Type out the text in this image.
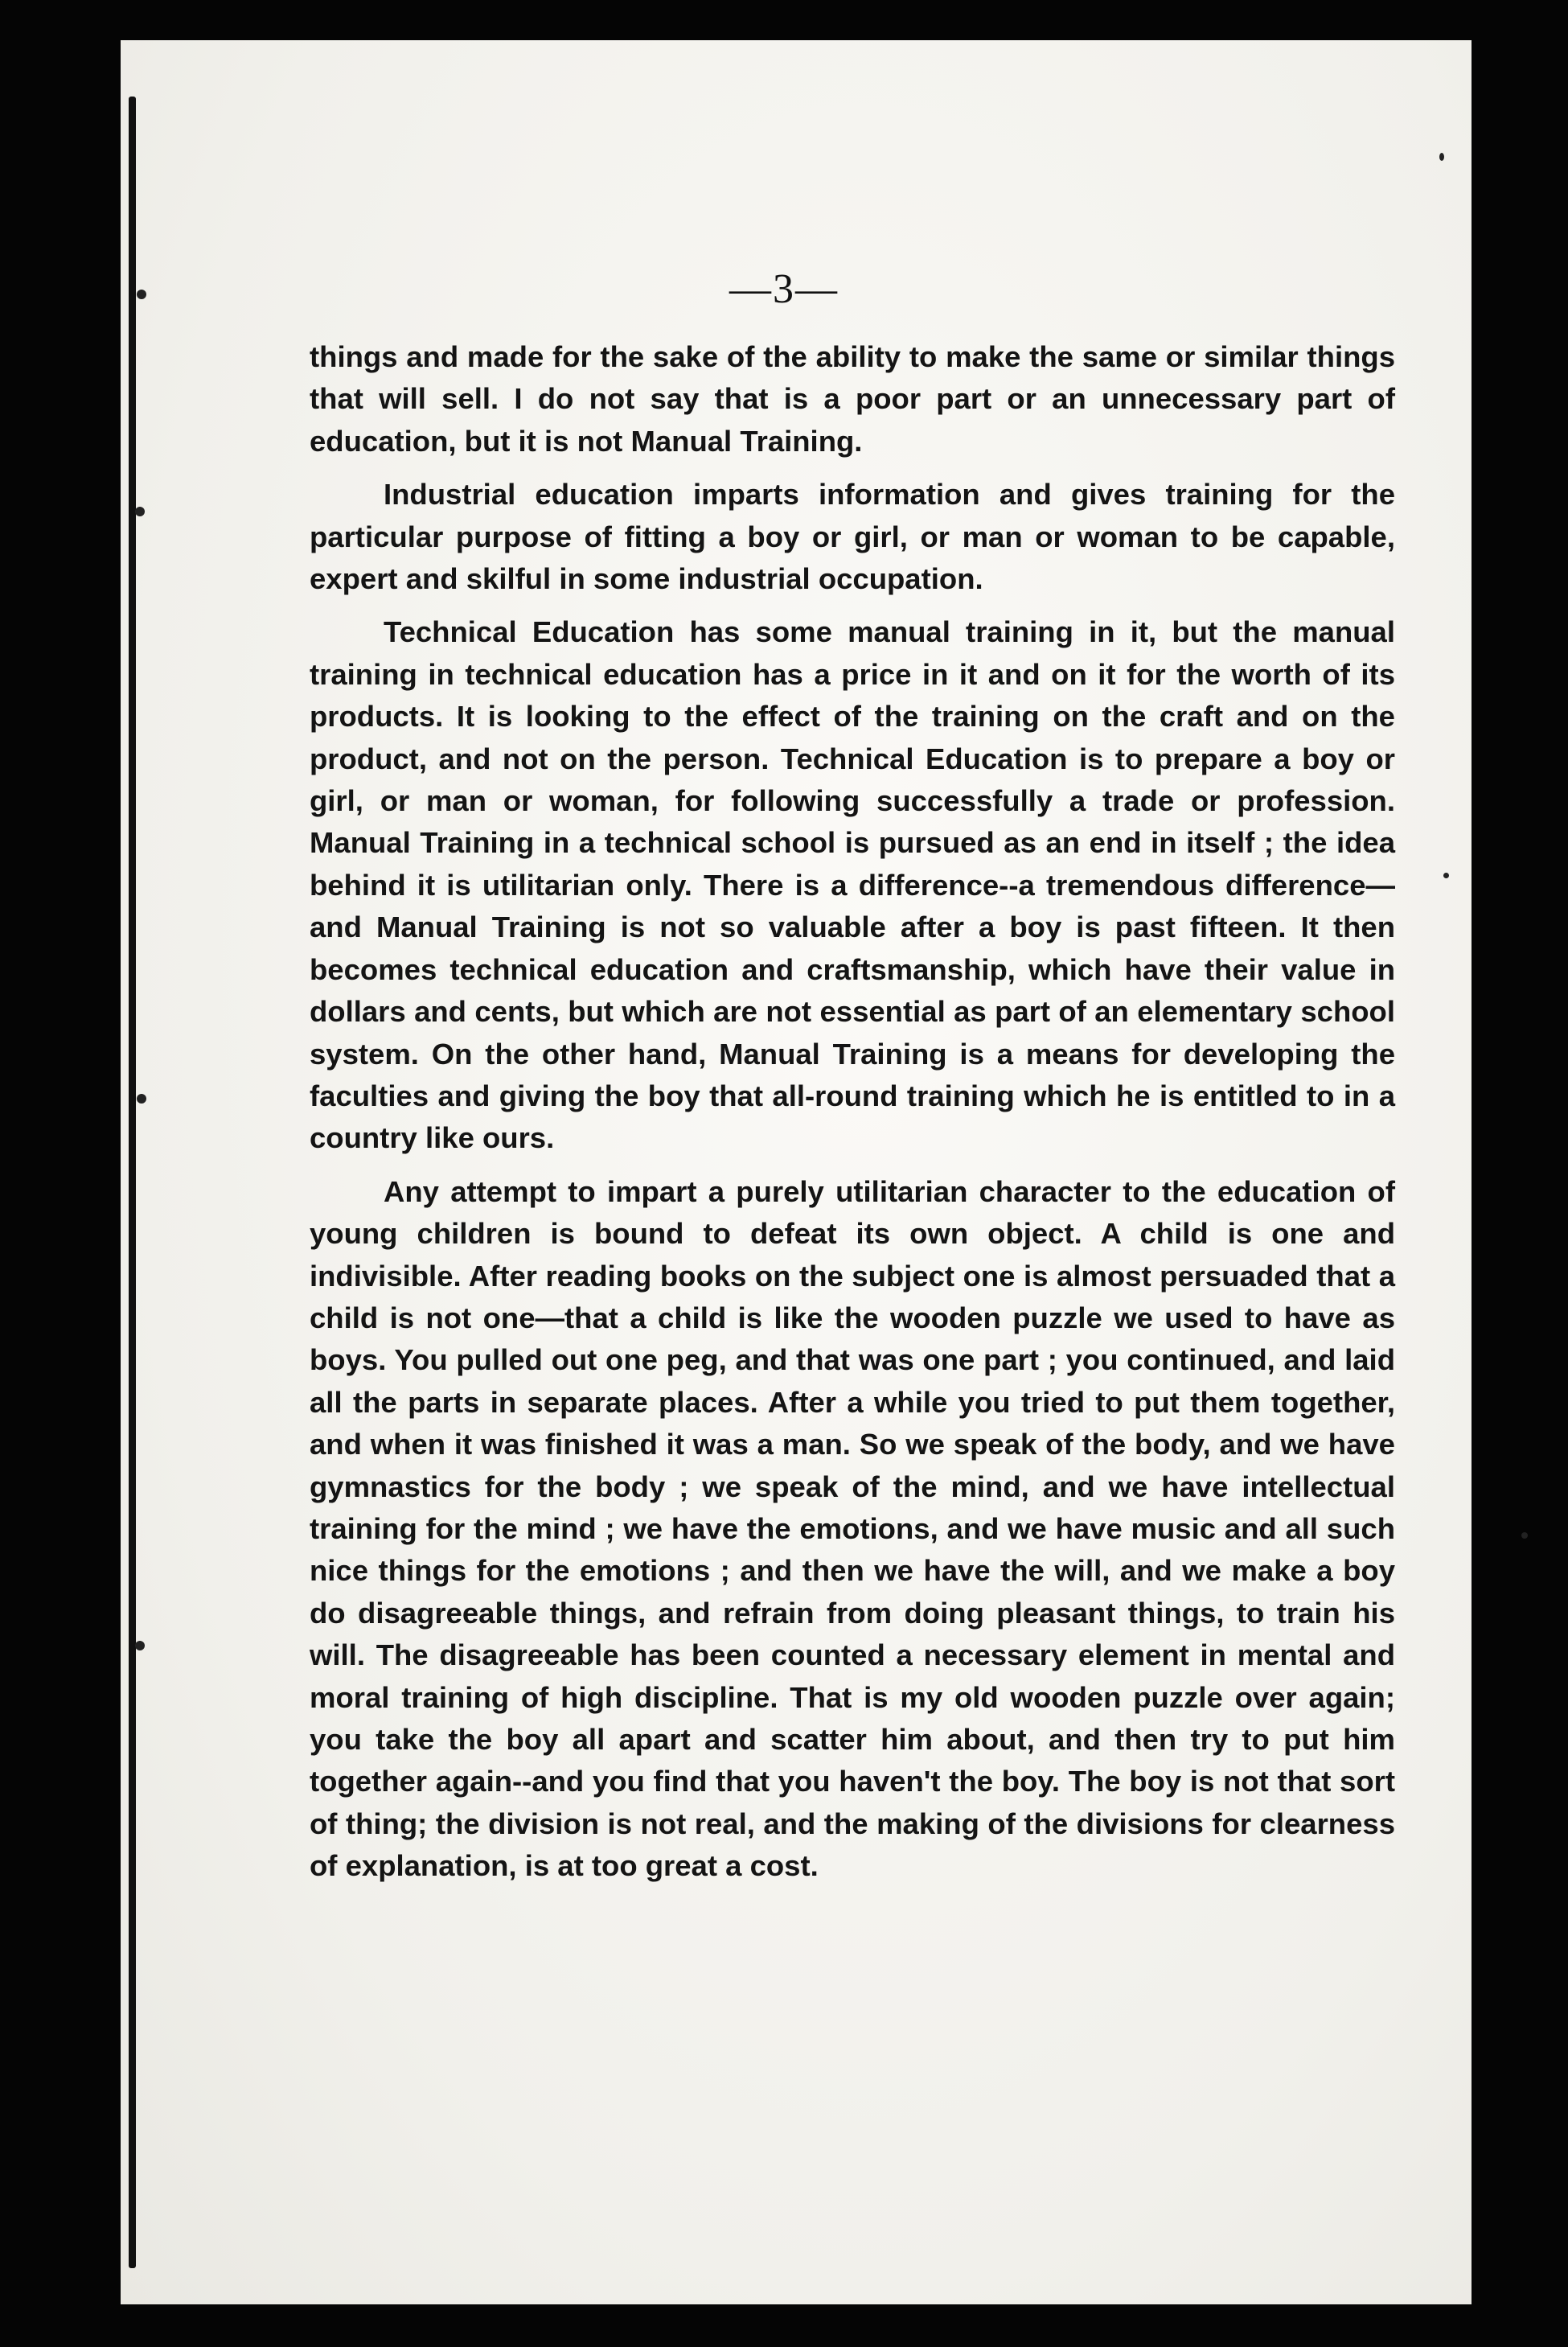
—3—

things and made for the sake of the ability to make the same or similar things that will sell. I do not say that is a poor part or an unnecessary part of education, but it is not Manual Training.

Industrial education imparts information and gives training for the particular purpose of fitting a boy or girl, or man or woman to be capable, expert and skilful in some industrial occupation.

Technical Education has some manual training in it, but the manual training in technical education has a price in it and on it for the worth of its products. It is looking to the effect of the training on the craft and on the product, and not on the person. Technical Education is to prepare a boy or girl, or man or woman, for following successfully a trade or profession. Manual Training in a technical school is pursued as an end in itself ; the idea behind it is utilitarian only. There is a difference--a tremendous difference—and Manual Training is not so valuable after a boy is past fifteen. It then becomes technical education and craftsmanship, which have their value in dollars and cents, but which are not essential as part of an elementary school system. On the other hand, Manual Training is a means for developing the faculties and giving the boy that all-round training which he is entitled to in a country like ours.

Any attempt to impart a purely utilitarian character to the education of young children is bound to defeat its own object. A child is one and indivisible. After reading books on the subject one is almost persuaded that a child is not one—that a child is like the wooden puzzle we used to have as boys. You pulled out one peg, and that was one part ; you continued, and laid all the parts in separate places. After a while you tried to put them together, and when it was finished it was a man. So we speak of the body, and we have gymnastics for the body ; we speak of the mind, and we have intellectual training for the mind ; we have the emotions, and we have music and all such nice things for the emotions ; and then we have the will, and we make a boy do disagreeable things, and refrain from doing pleasant things, to train his will. The disagreeable has been counted a necessary element in mental and moral training of high discipline. That is my old wooden puzzle over again; you take the boy all apart and scatter him about, and then try to put him together again--and you find that you haven't the boy. The boy is not that sort of thing; the division is not real, and the making of the divisions for clearness of explanation, is at too great a cost.
